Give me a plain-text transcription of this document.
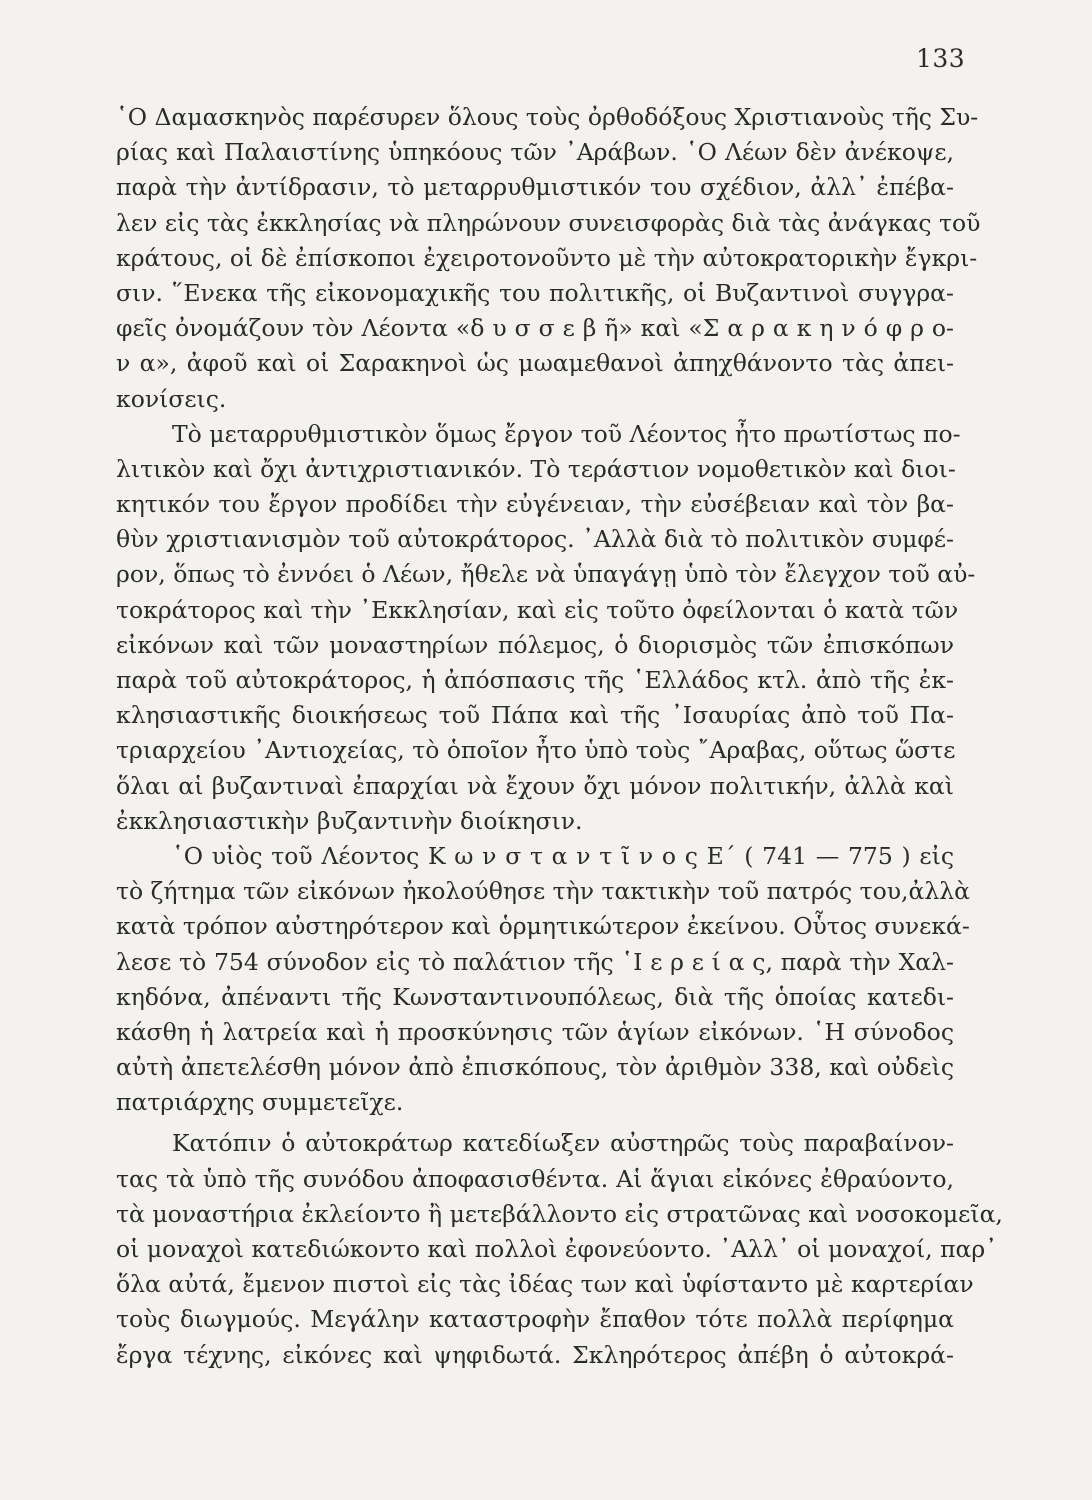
133
῾Ο Δαμασκηνὸς παρέσυρεν ὅλους τοὺς ὀρθοδόξους Χριστιανοὺς τῆς Συ-
ρίας καὶ Παλαιστίνης ὑπηκόους τῶν ᾿Αράβων. ῾Ο Λέων δὲν ἀνέκοψε,
παρὰ τὴν ἀντίδρασιν, τὸ μεταρρυθμιστικόν του σχέδιον, ἀλλ᾿ ἐπέβα-
λεν εἰς τὰς ἐκκλησίας νὰ πληρώνουν συνεισφορὰς διὰ τὰς ἀνάγκας τοῦ
κράτους, οἱ δὲ ἐπίσκοποι ἐχειροτονοῦντο μὲ τὴν αὐτοκρατορικὴν ἔγκρι-
σιν. ῞Ενεκα τῆς εἰκονομαχικῆς του πολιτικῆς, οἱ Βυζαντινοὶ συγγρα-
φεῖς ὀνομάζουν τὸν Λέοντα «δ υ σ σ ε β ῆ» καὶ «Σ α ρ α κ η ν ό φ ρ ο-
ν α», ἀφοῦ καὶ οἱ Σαρακηνοὶ ὡς μωαμεθανοὶ ἀπηχθάνοντο τὰς ἀπει-
κονίσεις.
Τὸ μεταρρυθμιστικὸν ὅμως ἔργον τοῦ Λέοντος ἦτο πρωτίστως πο-
λιτικὸν καὶ ὄχι ἀντιχριστιανικόν. Τὸ τεράστιον νομοθετικὸν καὶ διοι-
κητικόν του ἔργον προδίδει τὴν εὐγένειαν, τὴν εὐσέβειαν καὶ τὸν βα-
θὺν χριστιανισμὸν τοῦ αὐτοκράτορος. ᾿Αλλὰ διὰ τὸ πολιτικὸν συμφέ-
ρον, ὅπως τὸ ἐννόει ὁ Λέων, ἤθελε νὰ ὑπαγάγῃ ὑπὸ τὸν ἔλεγχον τοῦ αὐ-
τοκράτορος καὶ τὴν ᾿Εκκλησίαν, καὶ εἰς τοῦτο ὀφείλονται ὁ κατὰ τῶν
εἰκόνων καὶ τῶν μοναστηρίων πόλεμος, ὁ διορισμὸς τῶν ἐπισκόπων
παρὰ τοῦ αὐτοκράτορος, ἡ ἀπόσπασις τῆς ῾Ελλάδος κτλ. ἀπὸ τῆς ἐκ-
κλησιαστικῆς διοικήσεως τοῦ Πάπα καὶ τῆς ᾿Ισαυρίας ἀπὸ τοῦ Πα-
τριαρχείου ᾿Αντιοχείας, τὸ ὁποῖον ἦτο ὑπὸ τοὺς ῎Αραβας, οὕτως ὥστε
ὅλαι αἱ βυζαντιναὶ ἐπαρχίαι νὰ ἔχουν ὄχι μόνον πολιτικήν, ἀλλὰ καὶ
ἐκκλησιαστικὴν βυζαντινὴν διοίκησιν.
῾Ο υἱὸς τοῦ Λέοντος Κ ω ν σ τ α ν τ ῖ ν ο ς Ε΄ ( 741 — 775 ) εἰς
τὸ ζήτημα τῶν εἰκόνων ἠκολούθησε τὴν τακτικὴν τοῦ πατρός του,ἀλλὰ
κατὰ τρόπον αὐστηρότερον καὶ ὁρμητικώτερον ἐκείνου. Οὗτος συνεκά-
λεσε τὸ 754 σύνοδον εἰς τὸ παλάτιον τῆς ῾Ι ε ρ ε ί α ς, παρὰ τὴν Χαλ-
κηδόνα, ἀπέναντι τῆς Κωνσταντινουπόλεως, διὰ τῆς ὁποίας κατεδι-
κάσθη ἡ λατρεία καὶ ἡ προσκύνησις τῶν ἁγίων εἰκόνων. ῾Η σύνοδος
αὐτὴ ἀπετελέσθη μόνον ἀπὸ ἐπισκόπους, τὸν ἀριθμὸν 338, καὶ οὐδεὶς
πατριάρχης συμμετεῖχε.
Κατόπιν ὁ αὐτοκράτωρ κατεδίωξεν αὐστηρῶς τοὺς παραβαίνον-
τας τὰ ὑπὸ τῆς συνόδου ἀποφασισθέντα. Αἱ ἅγιαι εἰκόνες ἐθραύοντο,
τὰ μοναστήρια ἐκλείοντο ἢ μετεβάλλοντο εἰς στρατῶνας καὶ νοσοκομεῖα,
οἱ μοναχοὶ κατεδιώκοντο καὶ πολλοὶ ἐφονεύοντο. ᾿Αλλ᾿ οἱ μοναχοί, παρ᾿
ὅλα αὐτά, ἔμενον πιστοὶ εἰς τὰς ἰδέας των καὶ ὑφίσταντο μὲ καρτερίαν
τοὺς διωγμούς. Μεγάλην καταστροφὴν ἔπαθον τότε πολλὰ περίφημα
ἔργα τέχνης, εἰκόνες καὶ ψηφιδωτά. Σκληρότερος ἀπέβη ὁ αὐτοκρά-
